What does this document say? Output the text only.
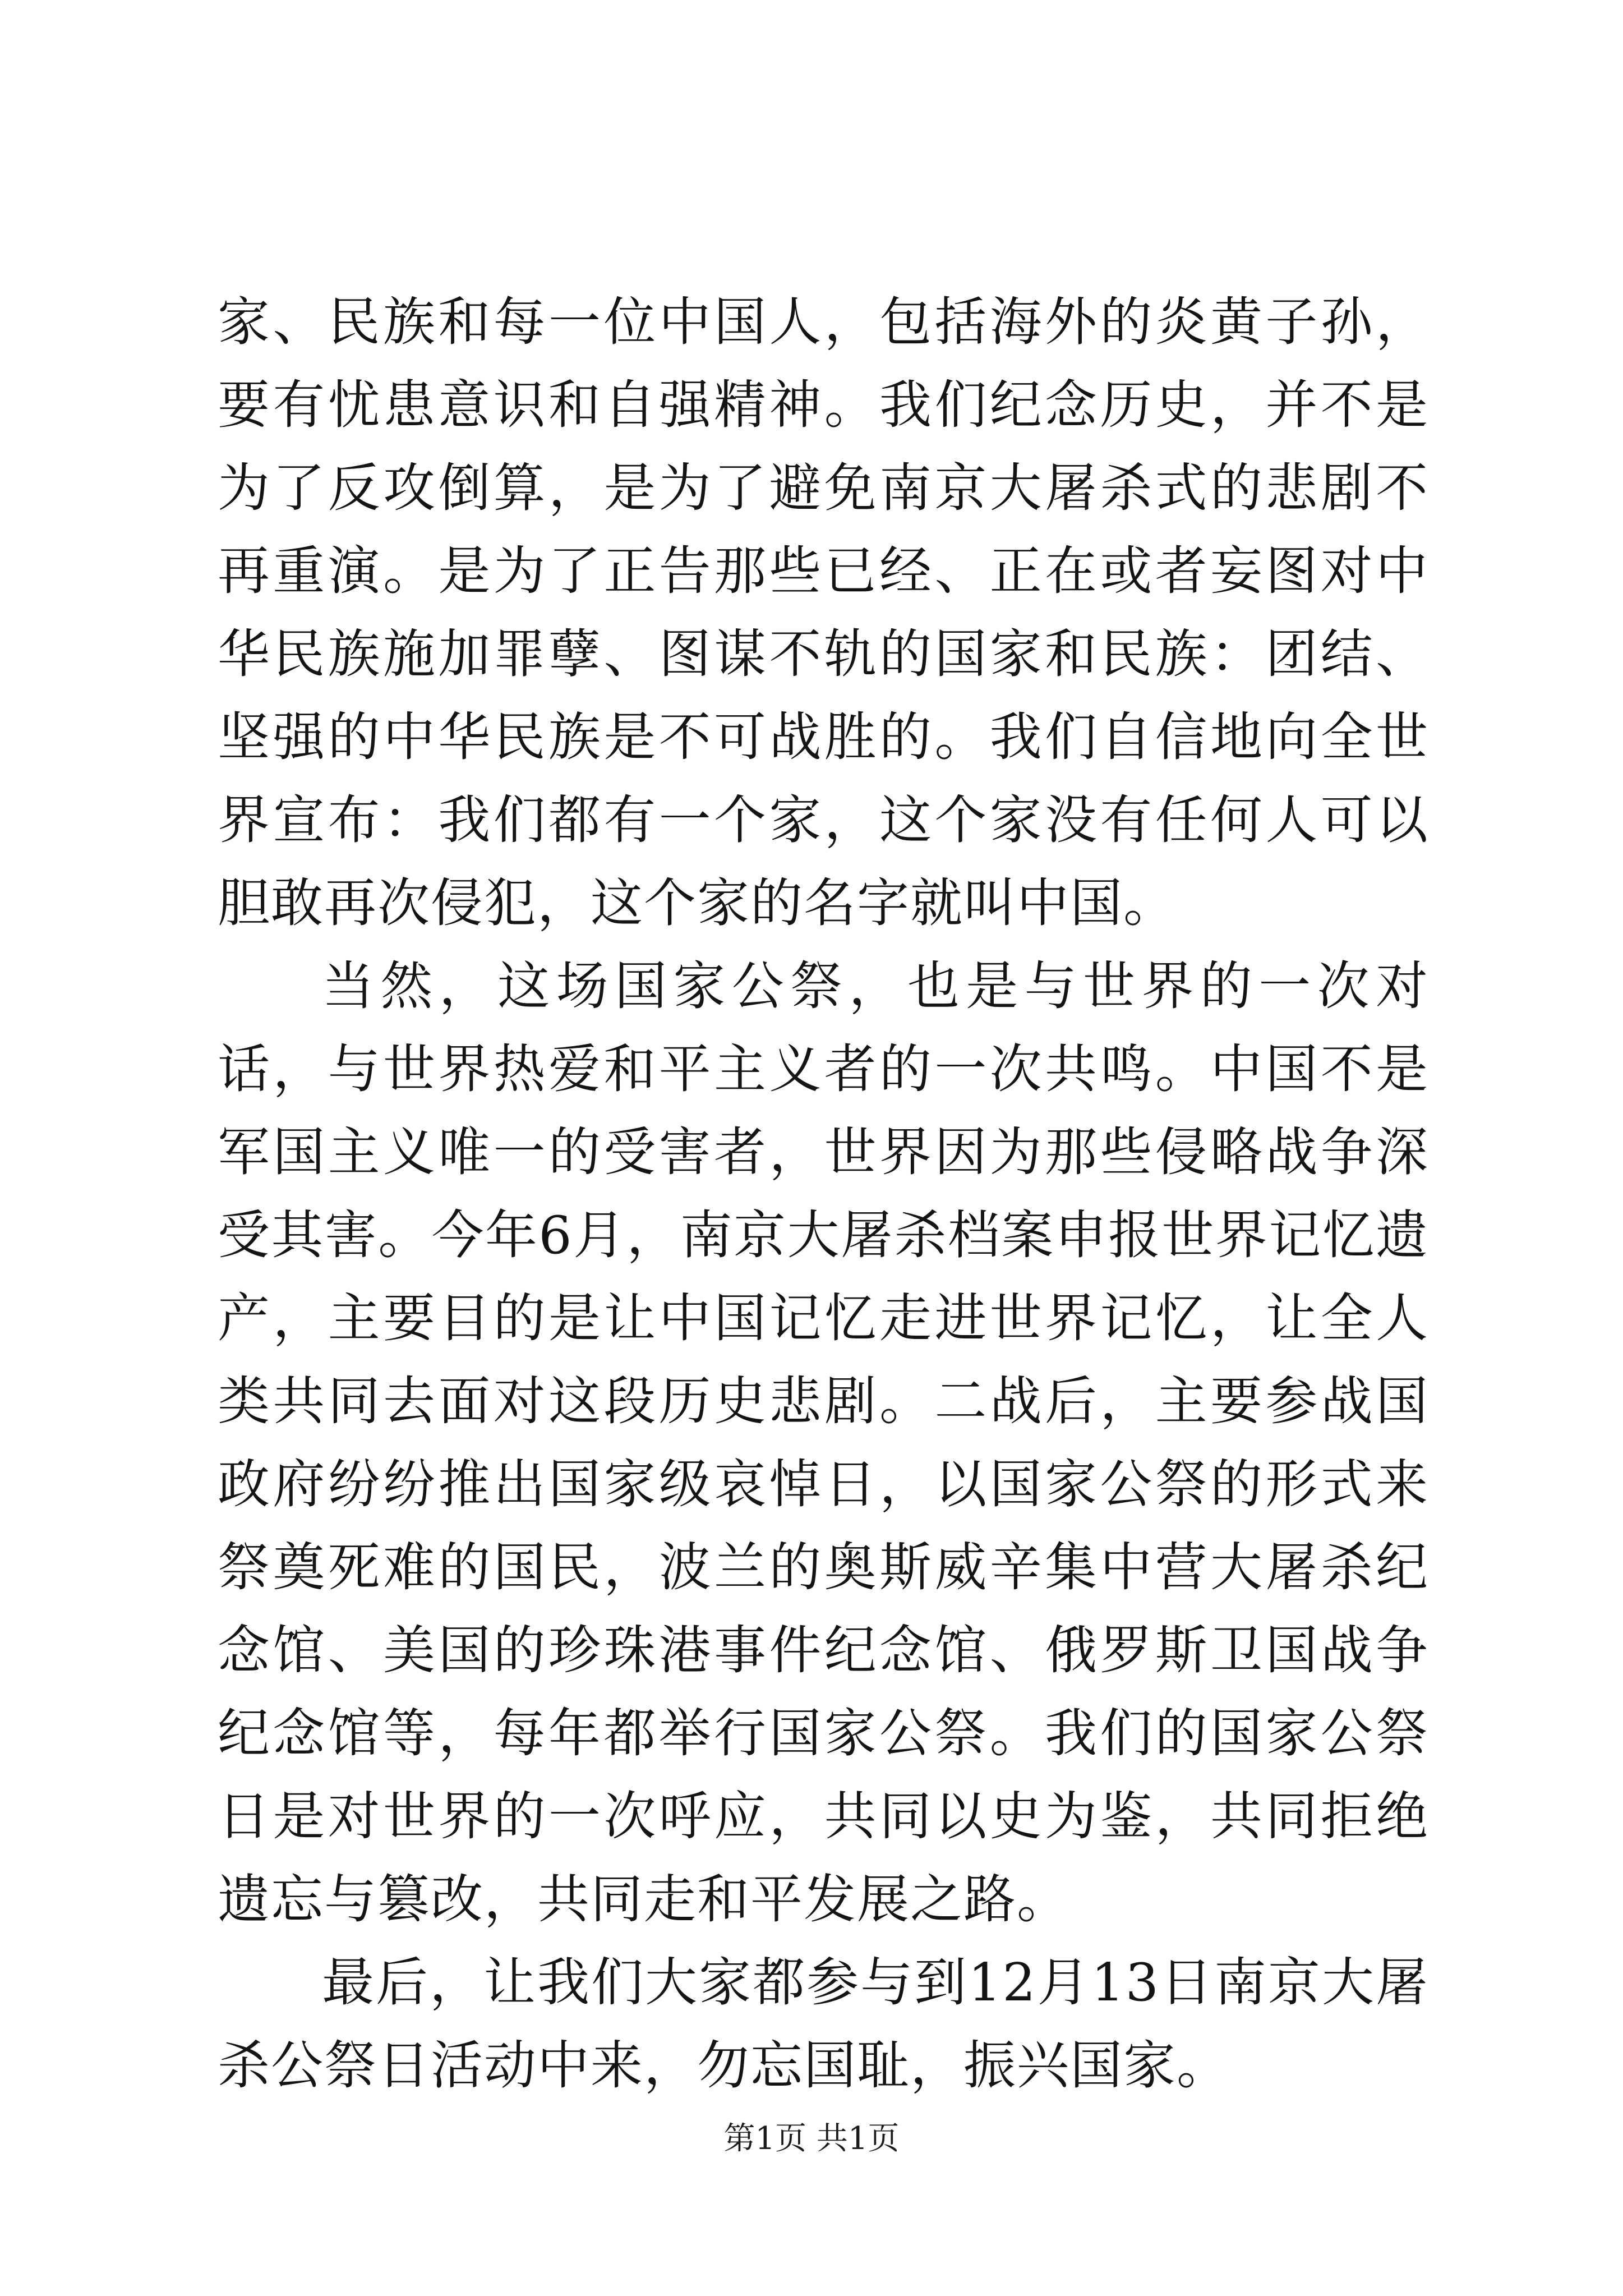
家、民族和每一位中国人，包括海外的炎黄子孙，要有忧患意识和自强精神。我们纪念历史，并不是为了反攻倒算，是为了避免南京大屠杀式的悲剧不再重演。是为了正告那些已经、正在或者妄图对中华民族施加罪孽、图谋不轨的国家和民族：团结、坚强的中华民族是不可战胜的。我们自信地向全世界宣布：我们都有一个家，这个家没有任何人可以胆敢再次侵犯，这个家的名字就叫中国。

当然，这场国家公祭，也是与世界的一次对话，与世界热爱和平主义者的一次共鸣。中国不是军国主义唯一的受害者，世界因为那些侵略战争深受其害。今年6月，南京大屠杀档案申报世界记忆遗产，主要目的是让中国记忆走进世界记忆，让全人类共同去面对这段历史悲剧。二战后，主要参战国政府纷纷推出国家级哀悼日，以国家公祭的形式来祭奠死难的国民，波兰的奥斯威辛集中营大屠杀纪念馆、美国的珍珠港事件纪念馆、俄罗斯卫国战争纪念馆等，每年都举行国家公祭。我们的国家公祭日是对世界的一次呼应，共同以史为鉴，共同拒绝遗忘与篡改，共同走和平发展之路。

最后，让我们大家都参与到12月13日南京大屠杀公祭日活动中来，勿忘国耻，振兴国家。

第1页 共1页
